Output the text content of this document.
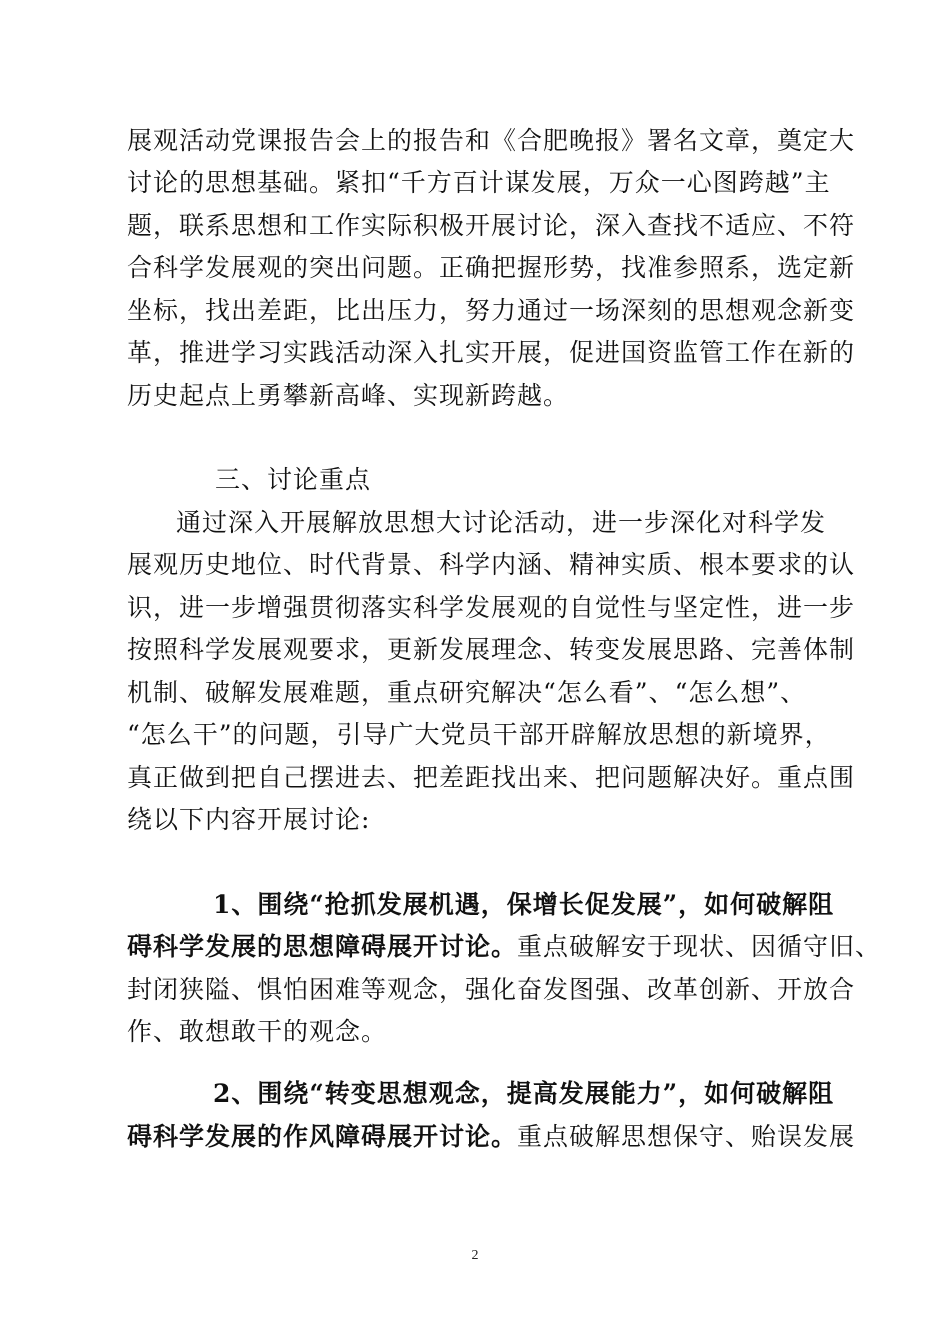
展观活动党课报告会上的报告和《合肥晚报》署名文章，奠定大
讨论的思想基础。紧扣“千方百计谋发展，万众一心图跨越”主
题，联系思想和工作实际积极开展讨论，深入查找不适应、不符
合科学发展观的突出问题。正确把握形势，找准参照系，选定新
坐标，找出差距，比出压力，努力通过一场深刻的思想观念新变
革，推进学习实践活动深入扎实开展，促进国资监管工作在新的
历史起点上勇攀新高峰、实现新跨越。
三、讨论重点
通过深入开展解放思想大讨论活动，进一步深化对科学发
展观历史地位、时代背景、科学内涵、精神实质、根本要求的认
识，进一步增强贯彻落实科学发展观的自觉性与坚定性，进一步
按照科学发展观要求，更新发展理念、转变发展思路、完善体制
机制、破解发展难题，重点研究解决“怎么看”、“怎么想”、
“怎么干”的问题，引导广大党员干部开辟解放思想的新境界，
真正做到把自己摆进去、把差距找出来、把问题解决好。重点围
绕以下内容开展讨论:
1、围绕“抢抓发展机遇，保增长促发展”，如何破解阻
碍科学发展的思想障碍展开讨论。重点破解安于现状、因循守旧、
封闭狭隘、惧怕困难等观念，强化奋发图强、改革创新、开放合
作、敢想敢干的观念。
2、围绕“转变思想观念，提高发展能力”，如何破解阻
碍科学发展的作风障碍展开讨论。重点破解思想保守、贻误发展
2
